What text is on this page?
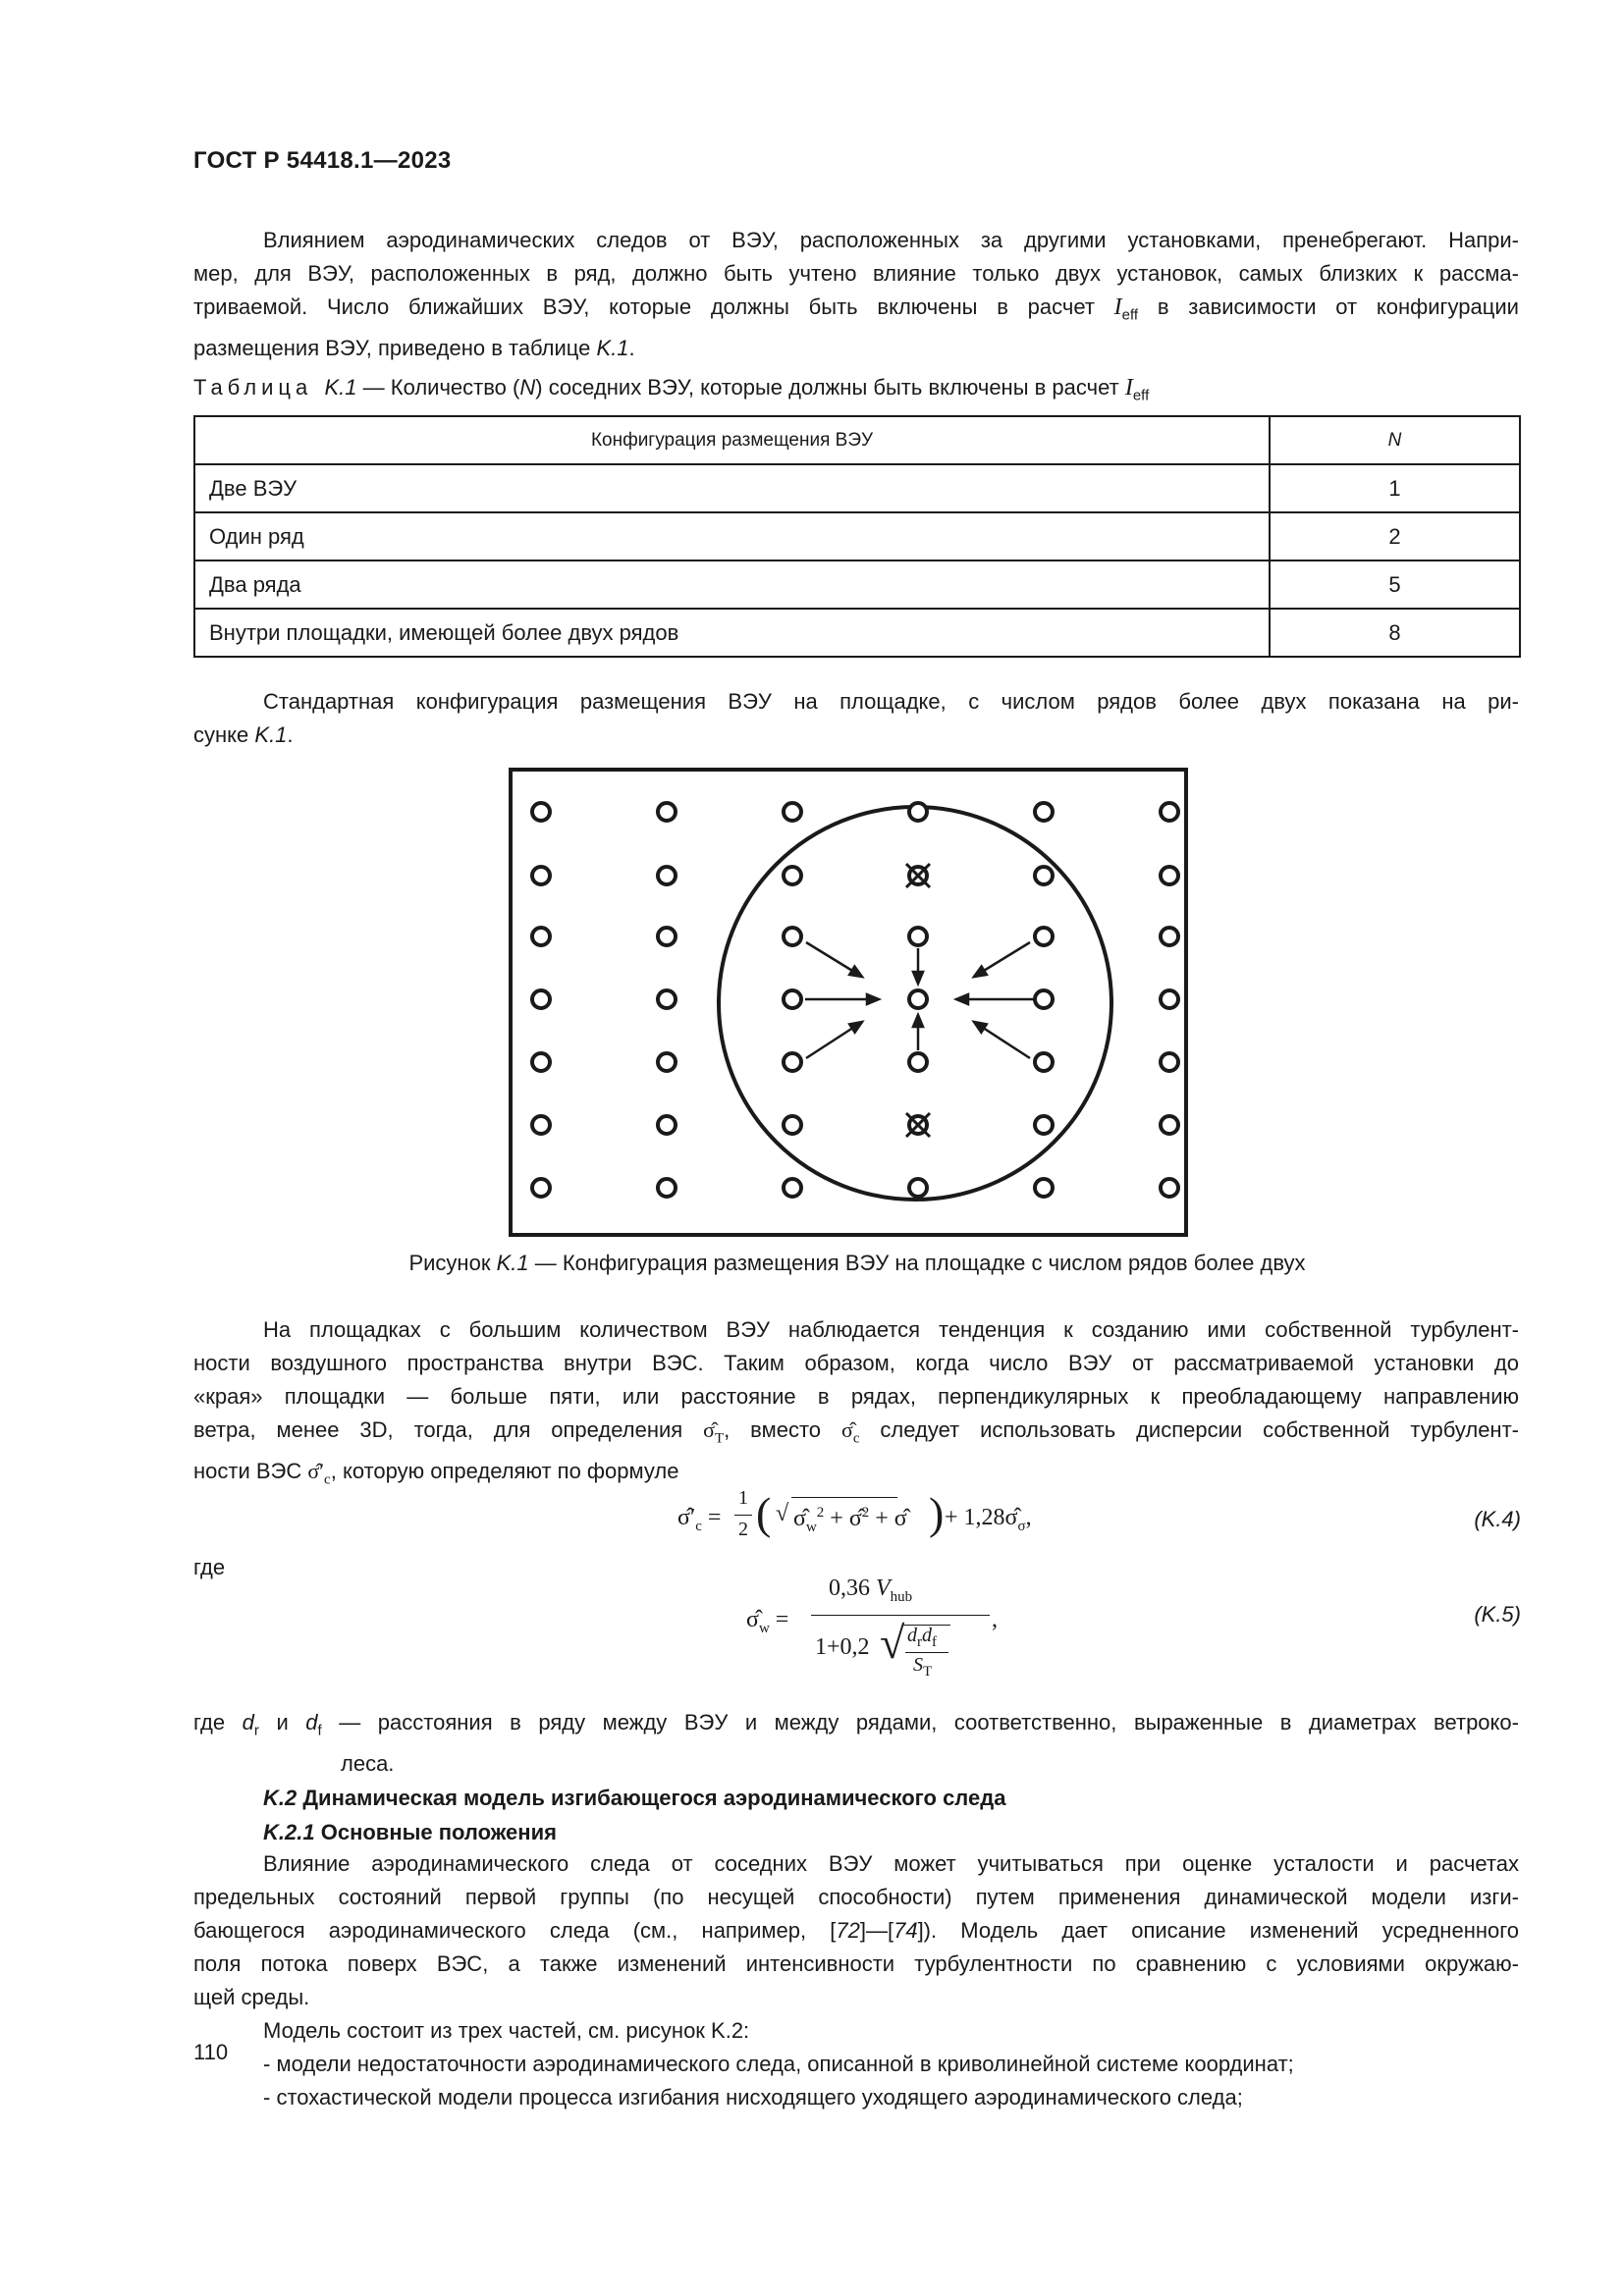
ГОСТ Р 54418.1—2023

Влиянием аэродинамических следов от ВЭУ, расположенных за другими установками, пренебрегают. Напри-

мер, для ВЭУ, расположенных в ряд, должно быть учтено влияние только двух установок, самых близких к рассма-

триваемой. Число ближайших ВЭУ, которые должны быть включены в расчет $I_{eff}$ в зависимости от конфигурации

размещения ВЭУ, приведено в таблице K.1.

Таблица K.1 — Количество (N) соседних ВЭУ, которые должны быть включены в расчет $I_{eff}$

Конфигурация размещения ВЭУ	N
Две ВЭУ	1
Один ряд	2
Два ряда	5
Внутри площадки, имеющей более двух рядов	8

Стандартная конфигурация размещения ВЭУ на площадке, с числом рядов более двух показана на ри-

сунке K.1.

Рисунок K.1 — Конфигурация размещения ВЭУ на площадке с числом рядов более двух

На площадках с большим количеством ВЭУ наблюдается тенденция к созданию ими собственной турбулент-

ности воздушного пространства внутри ВЭС. Таким образом, когда число ВЭУ от рассматриваемой установки до

«края» площадки — больше пяти, или расстояние в рядах, перпендикулярных к преобладающему направлению

ветра, менее 3D, тогда, для определения $\sigmâ_T$, вместо $\sigmâ_c$ следует использовать дисперсии собственной турбулент-

ности ВЭС $\sigmâ'_c$, которую определяют по формуле

$\sigmâ'_c$ =
1
2 ( √ $\sigmâ_w^2$ + σ̂$^2$ + σ̂ ) + $1,28\sigmâ_\sigma$,	(K.4)

где

$\sigmâ_w$ =
0,36 $V_{hub}$
1+0,2 √ $d_rd_f$
$S_T$
,	(K.5)

где $d_r$ и $d_f$ — расстояния в ряду между ВЭУ и между рядами, соответственно, выраженные в диаметрах ветроко-

леса.

K.2 Динамическая модель изгибающегося аэродинамического следа

K.2.1 Основные положения

Влияние аэродинамического следа от соседних ВЭУ может учитываться при оценке усталости и расчетах

предельных состояний первой группы (по несущей способности) путем применения динамической модели изги-

бающегося аэродинамического следа (см., например, [72]—[74]). Модель дает описание изменений усредненного

поля потока поверх ВЭС, а также изменений интенсивности турбулентности по сравнению с условиями окружаю-

щей среды.

Модель состоит из трех частей, см. рисунок K.2:

- модели недостаточности аэродинамического следа, описанной в криволинейной системе координат;

- стохастической модели процесса изгибания нисходящего уходящего аэродинамического следа;

110
